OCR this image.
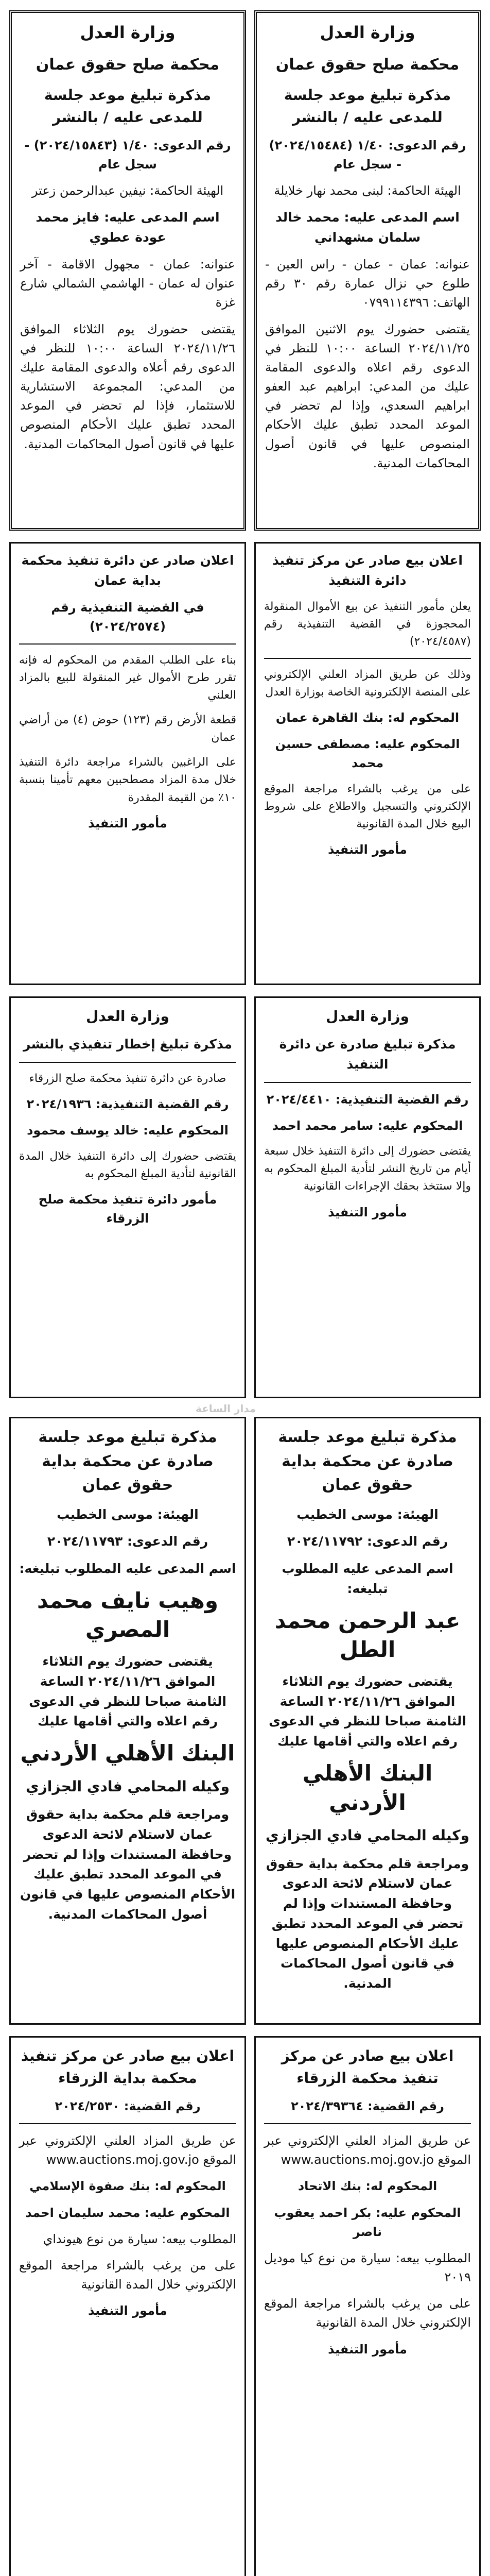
وزارة العدل

محكمة صلح حقوق عمان

مذكرة تبليغ موعد جلسة للمدعى عليه / بالنشر

رقم الدعوى: ١/٤٠ (٢٠٢٤/١٥٤٨٤) - سجل عام

الهيئة الحاكمة: لبنى محمد نهار خلايلة

اسم المدعى عليه: محمد خالد سلمان مشهداني

عنوانه: عمان - عمان - راس العين - طلوع حي نزال عمارة رقم ٣٠ رقم الهاتف: ٠٧٩٩١١٤٣٩٦

يقتضى حضورك يوم الاثنين الموافق ٢٠٢٤/١١/٢٥ الساعة ١٠:٠٠ للنظر في الدعوى رقم اعلاه والدعوى المقامة عليك من المدعي: ابراهيم عبد العفو ابراهيم السعدي، وإذا لم تحضر في الموعد المحدد تطبق عليك الأحكام المنصوص عليها في قانون أصول المحاكمات المدنية.

وزارة العدل

محكمة صلح حقوق عمان

مذكرة تبليغ موعد جلسة للمدعى عليه / بالنشر

رقم الدعوى: ١/٤٠ (٢٠٢٤/١٥٨٤٣) - سجل عام

الهيئة الحاكمة: نيفين عبدالرحمن زعتر

اسم المدعى عليه: فايز محمد عودة عطوي

عنوانه: عمان - مجهول الاقامة - آخر عنوان له عمان - الهاشمي الشمالي شارع غزة

يقتضى حضورك يوم الثلاثاء الموافق ٢٠٢٤/١١/٢٦ الساعة ١٠:٠٠ للنظر في الدعوى رقم أعلاه والدعوى المقامة عليك من المدعي: المجموعة الاستشارية للاستثمار، فإذا لم تحضر في الموعد المحدد تطبق عليك الأحكام المنصوص عليها في قانون أصول المحاكمات المدنية.

اعلان بيع صادر عن مركز تنفيذ دائرة التنفيذ

يعلن مأمور التنفيذ عن بيع الأموال المنقولة المحجوزة في القضية التنفيذية رقم (٢٠٢٤/٤٥٨٧)

وذلك عن طريق المزاد العلني الإلكتروني على المنصة الإلكترونية الخاصة بوزارة العدل

المحكوم له: بنك القاهرة عمان

المحكوم عليه: مصطفى حسين محمد

على من يرغب بالشراء مراجعة الموقع الإلكتروني والتسجيل والاطلاع على شروط البيع خلال المدة القانونية

مأمور التنفيذ

اعلان صادر عن دائرة تنفيذ محكمة بداية عمان

في القضية التنفيذية رقم (٢٠٢٤/٢٥٧٤)

بناء على الطلب المقدم من المحكوم له فإنه تقرر طرح الأموال غير المنقولة للبيع بالمزاد العلني

قطعة الأرض رقم (١٢٣) حوض (٤) من أراضي عمان

على الراغبين بالشراء مراجعة دائرة التنفيذ خلال مدة المزاد مصطحبين معهم تأمينا بنسبة ١٠٪ من القيمة المقدرة

مأمور التنفيذ

وزارة العدل

مذكرة تبليغ صادرة عن دائرة التنفيذ

رقم القضية التنفيذية: ٢٠٢٤/٤٤١٠

المحكوم عليه: سامر محمد احمد

يقتضى حضورك إلى دائرة التنفيذ خلال سبعة أيام من تاريخ النشر لتأدية المبلغ المحكوم به وإلا ستتخذ بحقك الإجراءات القانونية

مأمور التنفيذ

وزارة العدل

مذكرة تبليغ إخطار تنفيذي بالنشر

صادرة عن دائرة تنفيذ محكمة صلح الزرقاء

رقم القضية التنفيذية: ٢٠٢٤/١٩٣٦

المحكوم عليه: خالد يوسف محمود

يقتضى حضورك إلى دائرة التنفيذ خلال المدة القانونية لتأدية المبلغ المحكوم به

مأمور دائرة تنفيذ محكمة صلح الزرقاء

مدار الساعة

مذكرة تبليغ موعد جلسة صادرة عن محكمة بداية حقوق عمان

الهيئة: موسى الخطيب

رقم الدعوى: ٢٠٢٤/١١٧٩٢

اسم المدعى عليه المطلوب تبليغه:

عبد الرحمن محمد الطل

يقتضى حضورك يوم الثلاثاء الموافق ٢٠٢٤/١١/٢٦ الساعة الثامنة صباحا للنظر في الدعوى رقم اعلاه والتي أقامها عليك

البنك الأهلي الأردني

وكيله المحامي فادي الجزازي

ومراجعة قلم محكمة بداية حقوق عمان لاستلام لائحة الدعوى وحافظة المستندات وإذا لم تحضر في الموعد المحدد تطبق عليك الأحكام المنصوص عليها في قانون أصول المحاكمات المدنية.

مذكرة تبليغ موعد جلسة صادرة عن محكمة بداية حقوق عمان

الهيئة: موسى الخطيب

رقم الدعوى: ٢٠٢٤/١١٧٩٣

اسم المدعى عليه المطلوب تبليغه:

وهيب نايف محمد المصري

يقتضى حضورك يوم الثلاثاء الموافق ٢٠٢٤/١١/٢٦ الساعة الثامنة صباحا للنظر في الدعوى رقم اعلاه والتي أقامها عليك

البنك الأهلي الأردني

وكيله المحامي فادي الجزازي

ومراجعة قلم محكمة بداية حقوق عمان لاستلام لائحة الدعوى وحافظة المستندات وإذا لم تحضر في الموعد المحدد تطبق عليك الأحكام المنصوص عليها في قانون أصول المحاكمات المدنية.

اعلان بيع صادر عن مركز تنفيذ محكمة الزرقاء

رقم القضية: ٢٠٢٤/٣٩٣٦٤

عن طريق المزاد العلني الإلكتروني عبر الموقع www.auctions.moj.gov.jo

المحكوم له: بنك الاتحاد

المحكوم عليه: بكر احمد يعقوب ناصر

المطلوب بيعه: سيارة من نوع كيا موديل ٢٠١٩

على من يرغب بالشراء مراجعة الموقع الإلكتروني خلال المدة القانونية

مأمور التنفيذ

اعلان بيع صادر عن مركز تنفيذ محكمة بداية الزرقاء

رقم القضية: ٢٠٢٤/٢٥٣٠

عن طريق المزاد العلني الإلكتروني عبر الموقع www.auctions.moj.gov.jo

المحكوم له: بنك صفوة الإسلامي

المحكوم عليه: محمد سليمان احمد

المطلوب بيعه: سيارة من نوع هيونداي

على من يرغب بالشراء مراجعة الموقع الإلكتروني خلال المدة القانونية

مأمور التنفيذ
